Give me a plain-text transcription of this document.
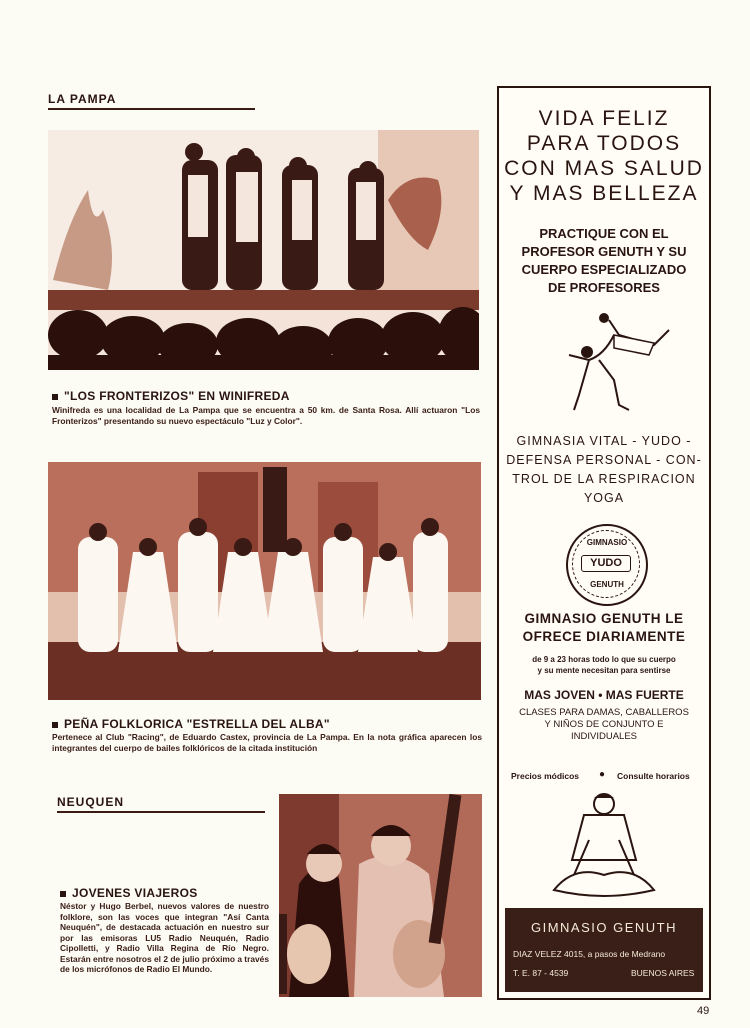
LA PAMPA
"LOS FRONTERIZOS" EN WINIFREDA
Winifreda es una localidad de La Pampa que se encuentra a 50 km. de Santa Rosa. Allí actuaron "Los Fronterizos" presentando su nuevo espectáculo "Luz y Color".
PEÑA FOLKLORICA "ESTRELLA DEL ALBA"
Pertenece al Club "Racing", de Eduardo Castex, provincia de La Pampa. En la nota gráfica aparecen los integrantes del cuerpo de bailes folklóricos de la citada institución
NEUQUEN
JOVENES VIAJEROS
Néstor y Hugo Berbel, nuevos valores de nuestro folklore, son las voces que integran "Así Canta Neuquén", de destacada actuación en nuestro sur por las emisoras LU5 Radio Neuquén, Radio Cipolletti, y Radio Villa Regina de Río Negro. Estarán entre nosotros el 2 de julio próximo a través de los micrófonos de Radio El Mundo.
VIDA FELIZ
PARA TODOS
CON MAS SALUD
Y MAS BELLEZA
PRACTIQUE CON EL
PROFESOR GENUTH Y SU
CUERPO ESPECIALIZADO
DE PROFESORES
GIMNASIA VITAL - YUDO -
DEFENSA PERSONAL - CON-
TROL DE LA RESPIRACION
YOGA
GIMNASIO
YUDO
GENUTH
GIMNASIO GENUTH LE
OFRECE DIARIAMENTE
de 9 a 23 horas todo lo que su cuerpo
y su mente necesitan para sentirse
MAS JOVEN • MAS FUERTE
CLASES PARA DAMAS, CABALLEROS
Y NIÑOS DE CONJUNTO E
INDIVIDUALES
Precios módicos ● Consulte horarios
GIMNASIO GENUTH
DIAZ VELEZ 4015, a pasos de Medrano
T. E. 87 - 4539	BUENOS AIRES
49
